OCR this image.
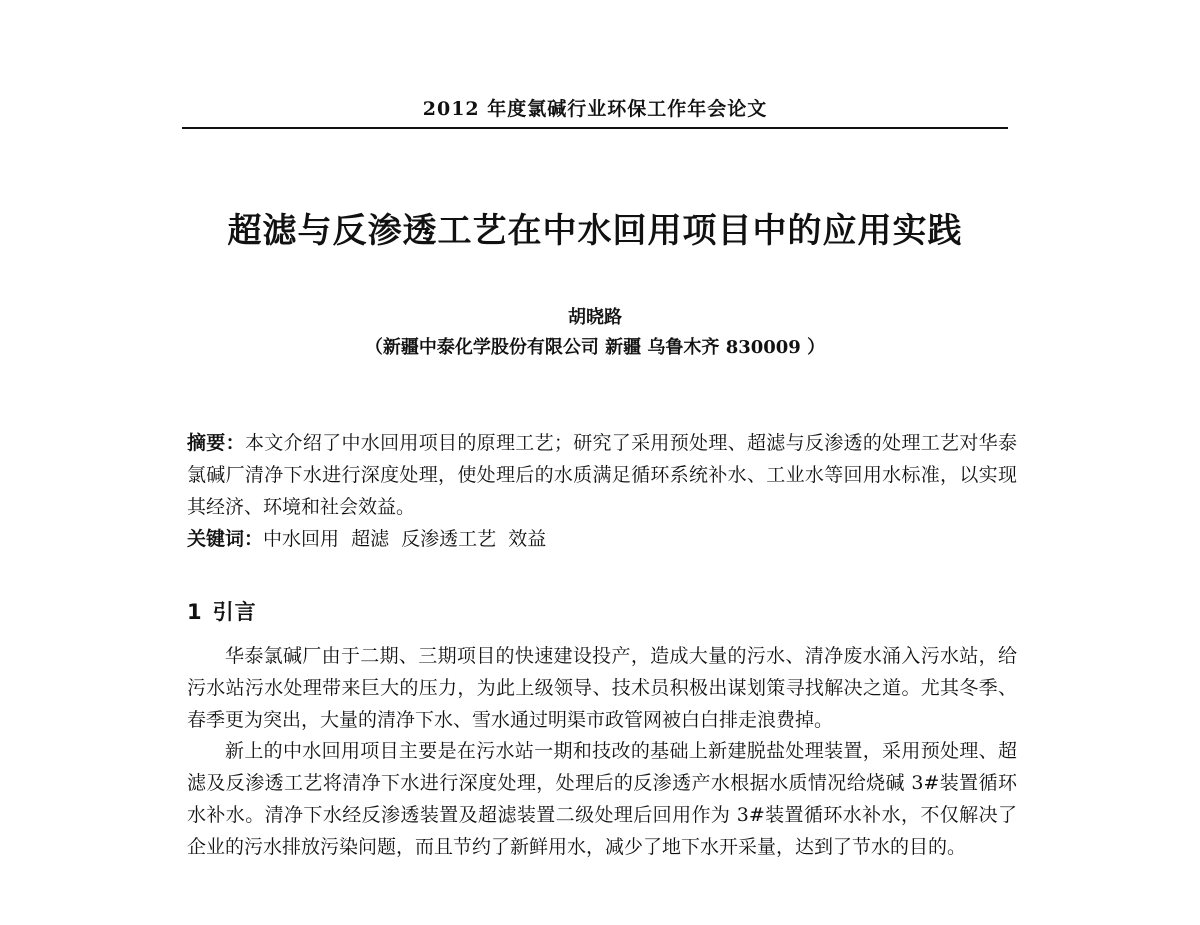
2012 年度氯碱行业环保工作年会论文
超滤与反渗透工艺在中水回用项目中的应用实践
胡晓路
（新疆中泰化学股份有限公司 新疆 乌鲁木齐 830009 ）
摘要：本文介绍了中水回用项目的原理工艺；研究了采用预处理、超滤与反渗透的处理工艺对华泰氯碱厂清净下水进行深度处理，使处理后的水质满足循环系统补水、工业水等回用水标准，以实现其经济、环境和社会效益。
关键词：中水回用  超滤  反渗透工艺  效益
1 引言

华泰氯碱厂由于二期、三期项目的快速建设投产，造成大量的污水、清净废水涌入污水站，给污水站污水处理带来巨大的压力，为此上级领导、技术员积极出谋划策寻找解决之道。尤其冬季、春季更为突出，大量的清净下水、雪水通过明渠市政管网被白白排走浪费掉。

新上的中水回用项目主要是在污水站一期和技改的基础上新建脱盐处理装置，采用预处理、超滤及反渗透工艺将清净下水进行深度处理，处理后的反渗透产水根据水质情况给烧碱 3#装置循环水补水。清净下水经反渗透装置及超滤装置二级处理后回用作为 3#装置循环水补水，不仅解决了企业的污水排放污染问题，而且节约了新鲜用水，减少了地下水开采量，达到了节水的目的。
